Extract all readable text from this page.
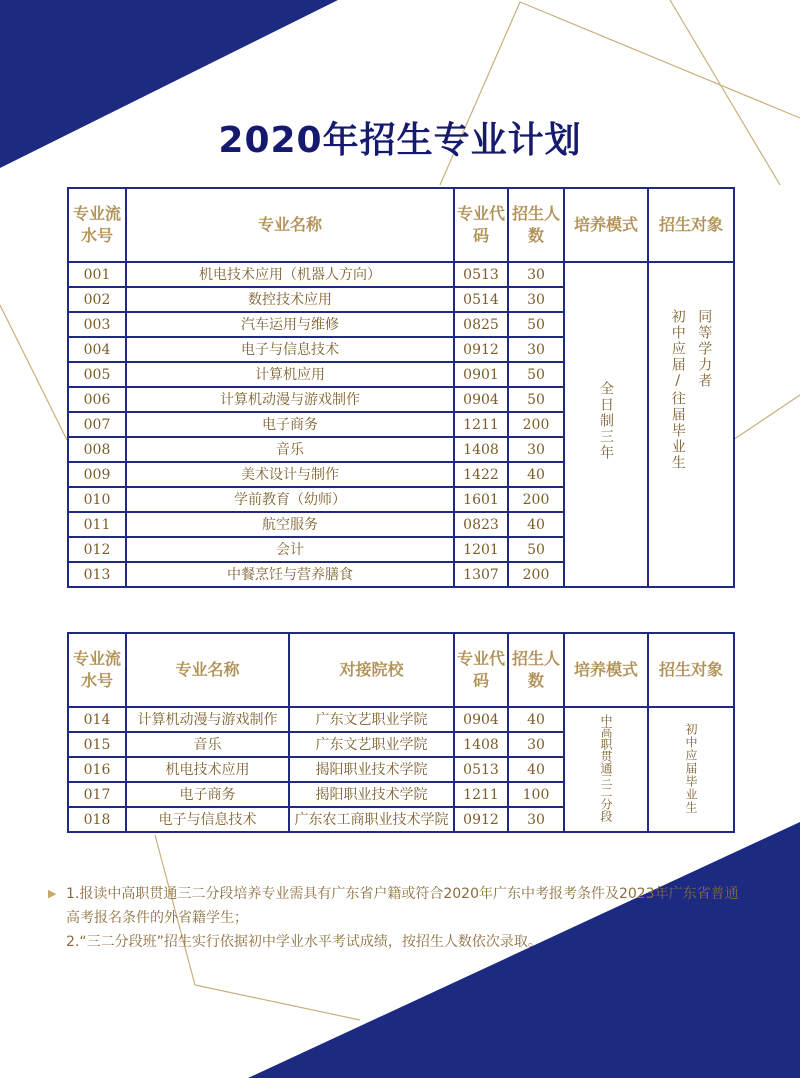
2020年招生专业计划
专业流水号	专业名称	专业代码	招生人数	培养模式	招生对象
001	机电技术应用（机器人方向）	0513	30	全日制三年	初中应届/往届毕业生 同等学力者
002	数控技术应用	0514	30		
003	汽车运用与维修	0825	50		
004	电子与信息技术	0912	30		
005	计算机应用	0901	50		
006	计算机动漫与游戏制作	0904	50		
007	电子商务	1211	200		
008	音乐	1408	30		
009	美术设计与制作	1422	40		
010	学前教育（幼师）	1601	200		
011	航空服务	0823	40		
012	会计	1201	50		
013	中餐烹饪与营养膳食	1307	200		
专业流水号	专业名称	对接院校	专业代码	招生人数	培养模式	招生对象
014	计算机动漫与游戏制作	广东文艺职业学院	0904	40	中高职贯通三二分段	初中应届毕业生
015	音乐	广东文艺职业学院	1408	30		
016	机电技术应用	揭阳职业技术学院	0513	40		
017	电子商务	揭阳职业技术学院	1211	100		
018	电子与信息技术	广东农工商职业技术学院	0912	30		

▶ 1.报读中高职贯通三二分段培养专业需具有广东省户籍或符合2020年广东中考报考条件及2023年广东省普通高考报名条件的外省籍学生；

2.“三二分段班”招生实行依据初中学业水平考试成绩，按招生人数依次录取。
